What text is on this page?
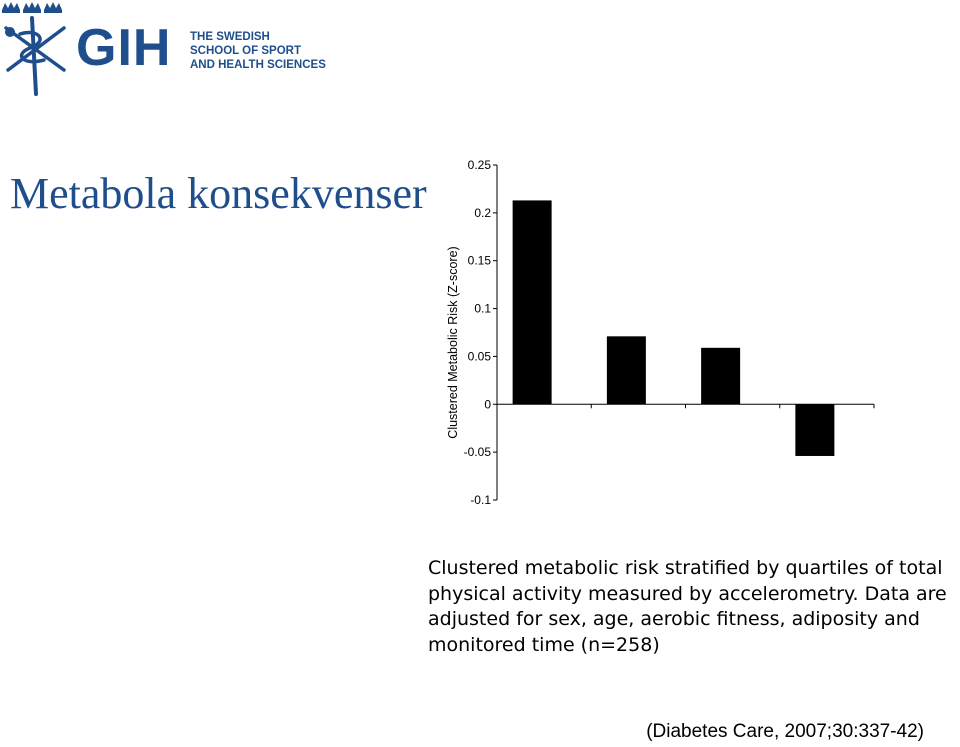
GIH THE SWEDISH
SCHOOL OF SPORT
AND HEALTH SCIENCES
Metabola konsekvenser
0.25
0.2
0.15
0.1
0.05
0
-0.05
-0.1
Clustered Metabolic Risk (Z-score)

Clustered metabolic risk stratified by quartiles of total physical activity measured by accelerometry. Data are adjusted for sex, age, aerobic fitness, adiposity and monitored time (n=258)

(Diabetes Care, 2007;30:337-42)
